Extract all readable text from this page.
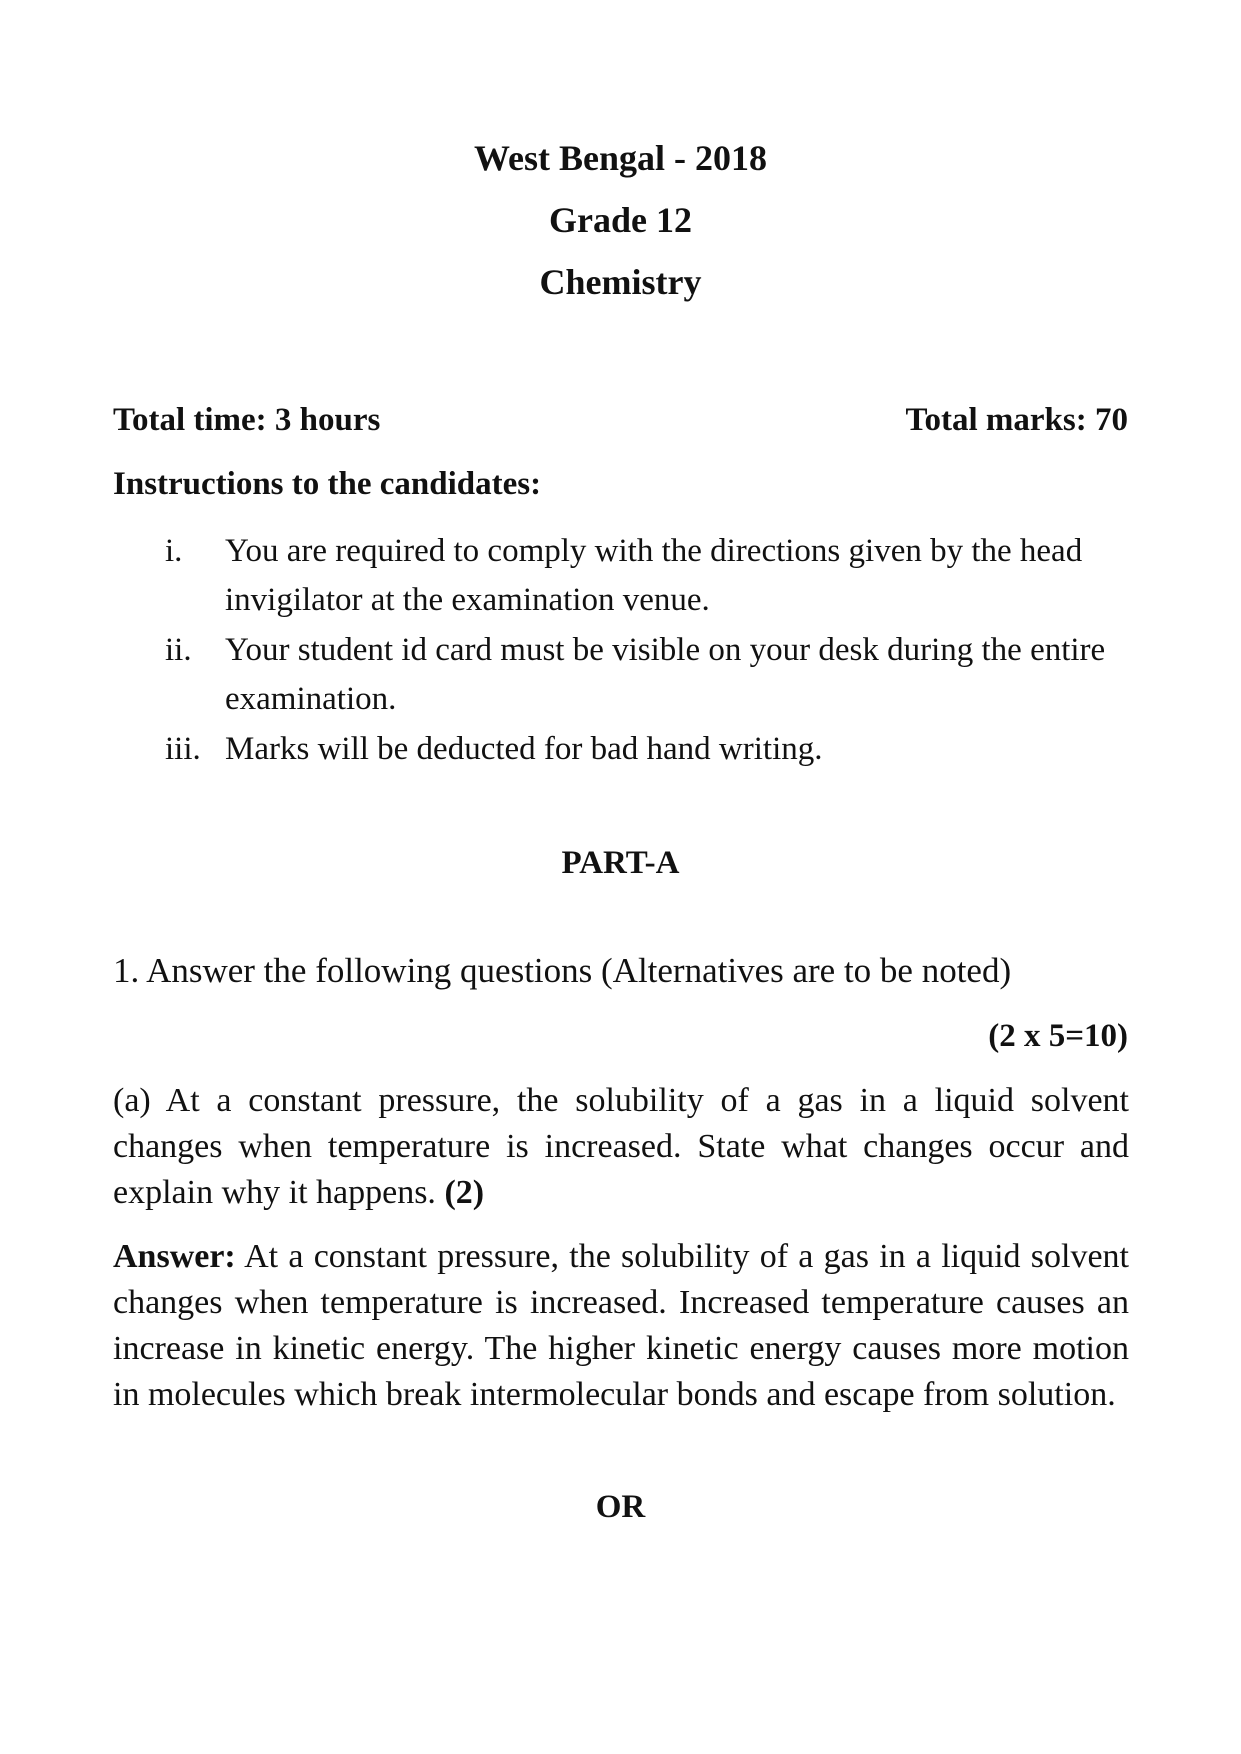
West Bengal - 2018
Grade 12
Chemistry
Total time: 3 hours	Total marks: 70
Instructions to the candidates:
i.	You are required to comply with the directions given by the head invigilator at the examination venue.
ii.	Your student id card must be visible on your desk during the entire examination.
iii. Marks will be deducted for bad hand writing.
PART-A
1. Answer the following questions (Alternatives are to be noted)
(2 x 5=10)
(a) At a constant pressure, the solubility of a gas in a liquid solvent changes when temperature is increased. State what changes occur and explain why it happens. (2)
Answer: At a constant pressure, the solubility of a gas in a liquid solvent changes when temperature is increased. Increased temperature causes an increase in kinetic energy. The higher kinetic energy causes more motion in molecules which break intermolecular bonds and escape from solution.
OR
